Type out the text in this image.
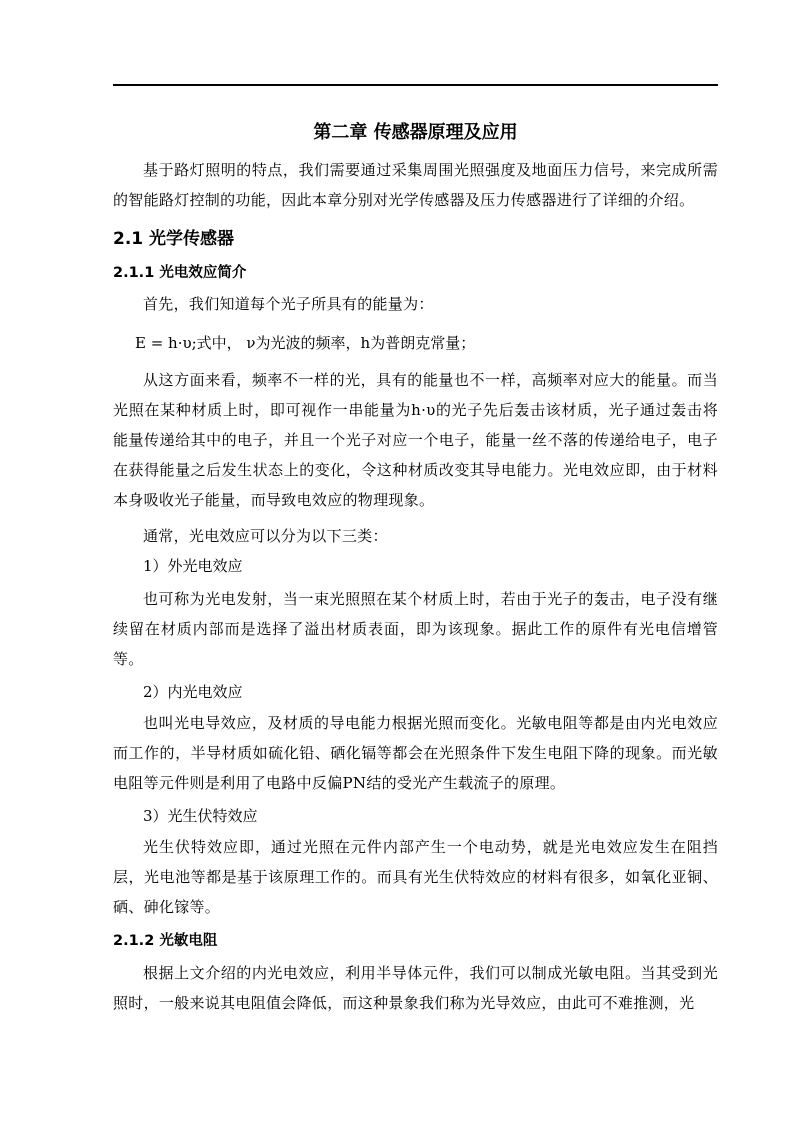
第二章 传感器原理及应用

基于路灯照明的特点，我们需要通过采集周围光照强度及地面压力信号，来完成所需的智能路灯控制的功能，因此本章分别对光学传感器及压力传感器进行了详细的介绍。

2.1 光学传感器
2.1.1 光电效应简介

首先，我们知道每个光子所具有的能量为：

E = h·υ;式中， ν为光波的频率，h为普朗克常量；

从这方面来看，频率不一样的光，具有的能量也不一样，高频率对应大的能量。而当光照在某种材质上时，即可视作一串能量为h·υ的光子先后轰击该材质，光子通过轰击将能量传递给其中的电子，并且一个光子对应一个电子，能量一丝不落的传递给电子，电子在获得能量之后发生状态上的变化，令这种材质改变其导电能力。光电效应即，由于材料本身吸收光子能量，而导致电效应的物理现象。

通常，光电效应可以分为以下三类：

1）外光电效应

也可称为光电发射，当一束光照照在某个材质上时，若由于光子的轰击，电子没有继续留在材质内部而是选择了溢出材质表面，即为该现象。据此工作的原件有光电信增管等。

2）内光电效应

也叫光电导效应，及材质的导电能力根据光照而变化。光敏电阻等都是由内光电效应而工作的，半导材质如硫化铅、硒化镉等都会在光照条件下发生电阻下降的现象。而光敏电阻等元件则是利用了电路中反偏PN结的受光产生载流子的原理。

3）光生伏特效应

光生伏特效应即，通过光照在元件内部产生一个电动势，就是光电效应发生在阻挡层，光电池等都是基于该原理工作的。而具有光生伏特效应的材料有很多，如氧化亚铜、硒、砷化镓等。

2.1.2 光敏电阻

根据上文介绍的内光电效应，利用半导体元件，我们可以制成光敏电阻。当其受到光照时，一般来说其电阻值会降低，而这种景象我们称为光导效应，由此可不难推测，光
